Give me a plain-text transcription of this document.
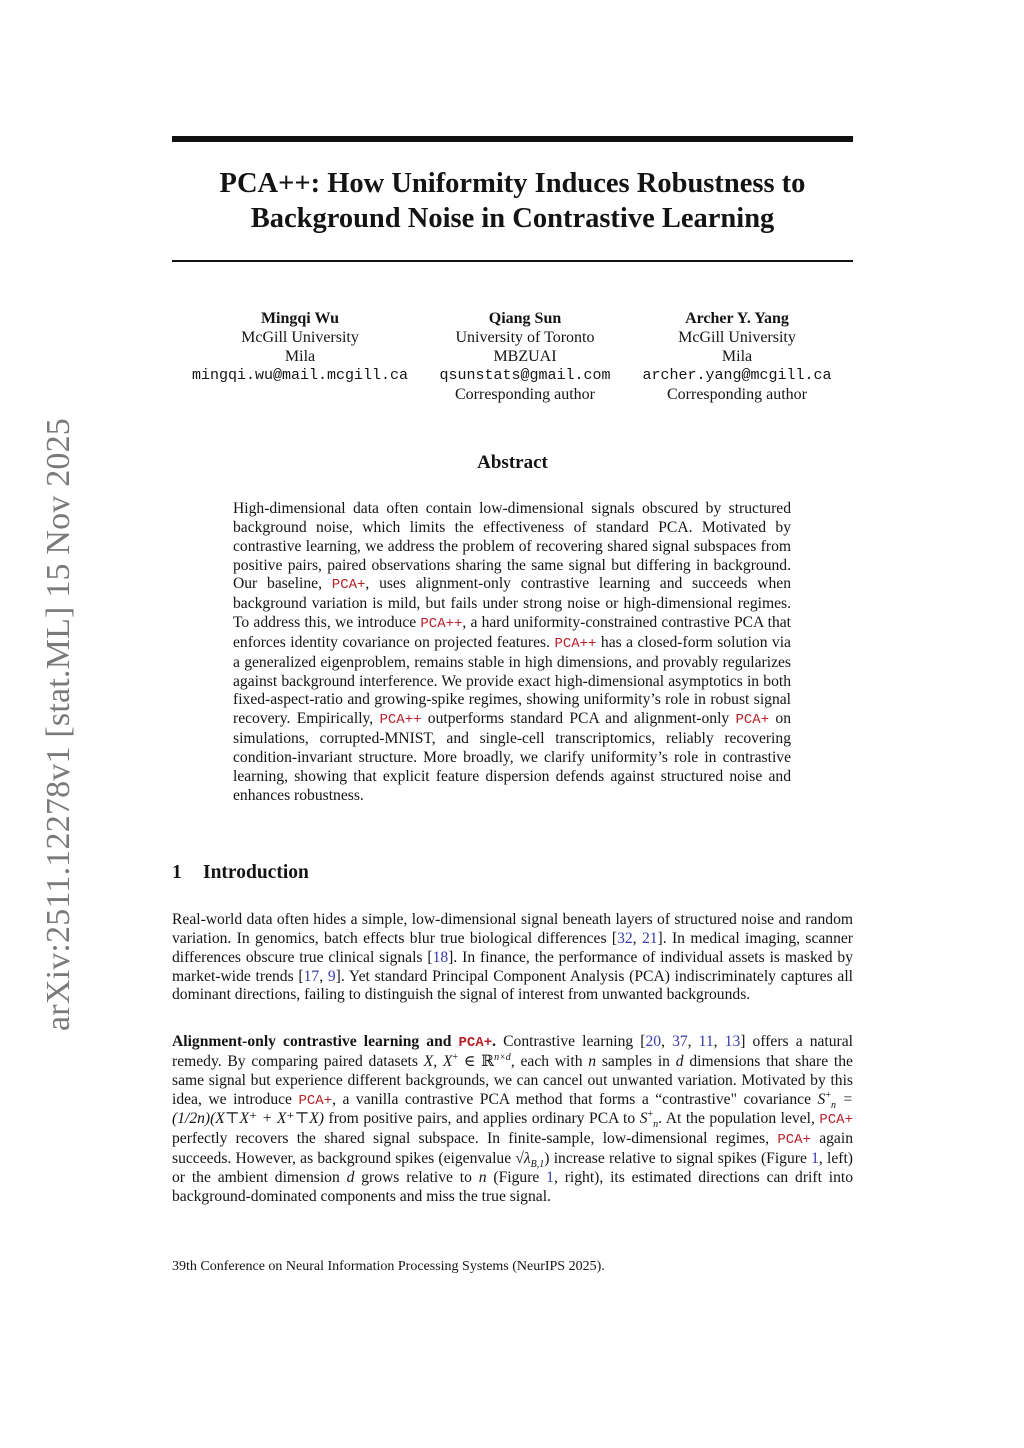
arXiv:2511.12278v1 [stat.ML] 15 Nov 2025
PCA++: How Uniformity Induces Robustness to
Background Noise in Contrastive Learning
Mingqi Wu
McGill University
Mila
mingqi.wu@mail.mcgill.ca
Qiang Sun
University of Toronto
MBZUAI
qsunstats@gmail.com
Corresponding author
Archer Y. Yang
McGill University
Mila
archer.yang@mcgill.ca
Corresponding author
Abstract
High-dimensional data often contain low-dimensional signals obscured by structured background noise, which limits the effectiveness of standard PCA. Motivated by contrastive learning, we address the problem of recovering shared signal subspaces from positive pairs, paired observations sharing the same signal but differing in background. Our baseline, PCA+, uses alignment-only contrastive learning and succeeds when background variation is mild, but fails under strong noise or high-dimensional regimes. To address this, we introduce PCA++, a hard uniformity-constrained contrastive PCA that enforces identity covariance on projected features. PCA++ has a closed-form solution via a generalized eigenproblem, remains stable in high dimensions, and provably regularizes against background interference. We provide exact high-dimensional asymptotics in both fixed-aspect-ratio and growing-spike regimes, showing uniformity’s role in robust signal recovery. Empirically, PCA++ outperforms standard PCA and alignment-only PCA+ on simulations, corrupted-MNIST, and single-cell transcriptomics, reliably recovering condition-invariant structure. More broadly, we clarify uniformity’s role in contrastive learning, showing that explicit feature dispersion defends against structured noise and enhances robustness.
1 Introduction
Real-world data often hides a simple, low-dimensional signal beneath layers of structured noise and random variation. In genomics, batch effects blur true biological differences [32, 21]. In medical imaging, scanner differences obscure true clinical signals [18]. In finance, the performance of individual assets is masked by market-wide trends [17, 9]. Yet standard Principal Component Analysis (PCA) indiscriminately captures all dominant directions, failing to distinguish the signal of interest from unwanted backgrounds.
Alignment-only contrastive learning and PCA+. Contrastive learning [20, 37, 11, 13] offers a natural remedy. By comparing paired datasets X, X+ ∈ ℝ$^{n\times d}$, each with n samples in d dimensions that share the same signal but experience different backgrounds, we can cancel out unwanted variation. Motivated by this idea, we introduce PCA+, a vanilla contrastive PCA method that forms a “contrastive" covariance $S^+_n$ = (1/2n)(X⊤X⁺ + X⁺⊤X) from positive pairs, and applies ordinary PCA to $S^+_n$. At the population level, PCA+ perfectly recovers the shared signal subspace. In finite-sample, low-dimensional regimes, PCA+ again succeeds. However, as background spikes (eigenvalue $√\lambda_{B,1}$) increase relative to signal spikes (Figure 1, left) or the ambient dimension d grows relative to n (Figure 1, right), its estimated directions can drift into background-dominated components and miss the true signal.
39th Conference on Neural Information Processing Systems (NeurIPS 2025).
